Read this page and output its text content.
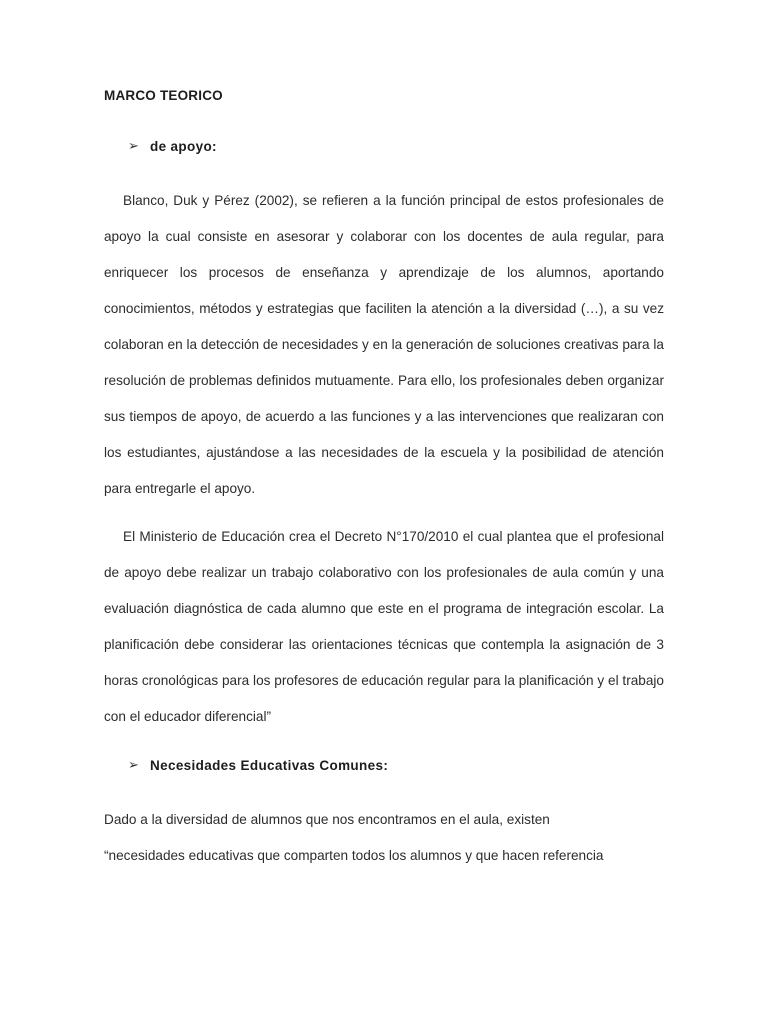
MARCO TEORICO
➢ de apoyo:

Blanco, Duk y Pérez (2002), se refieren a la función principal de estos profesionales de apoyo la cual consiste en asesorar y colaborar con los docentes de aula regular, para enriquecer los procesos de enseñanza y aprendizaje de los alumnos, aportando conocimientos, métodos y estrategias que faciliten la atención a la diversidad (…), a su vez colaboran en la detección de necesidades y en la generación de soluciones creativas para la resolución de problemas definidos mutuamente. Para ello, los profesionales deben organizar sus tiempos de apoyo, de acuerdo a las funciones y a las intervenciones que realizaran con los estudiantes, ajustándose a las necesidades de la escuela y la posibilidad de atención para entregarle el apoyo.

El Ministerio de Educación crea el Decreto N°170/2010 el cual plantea que el profesional de apoyo debe realizar un trabajo colaborativo con los profesionales de aula común y una evaluación diagnóstica de cada alumno que este en el programa de integración escolar. La planificación debe considerar las orientaciones técnicas que contempla la asignación de 3 horas cronológicas para los profesores de educación regular para la planificación y el trabajo con el educador diferencial”

➢ Necesidades Educativas Comunes:

Dado a la diversidad de alumnos que nos encontramos en el aula, existen

“necesidades educativas que comparten todos los alumnos y que hacen referencia
